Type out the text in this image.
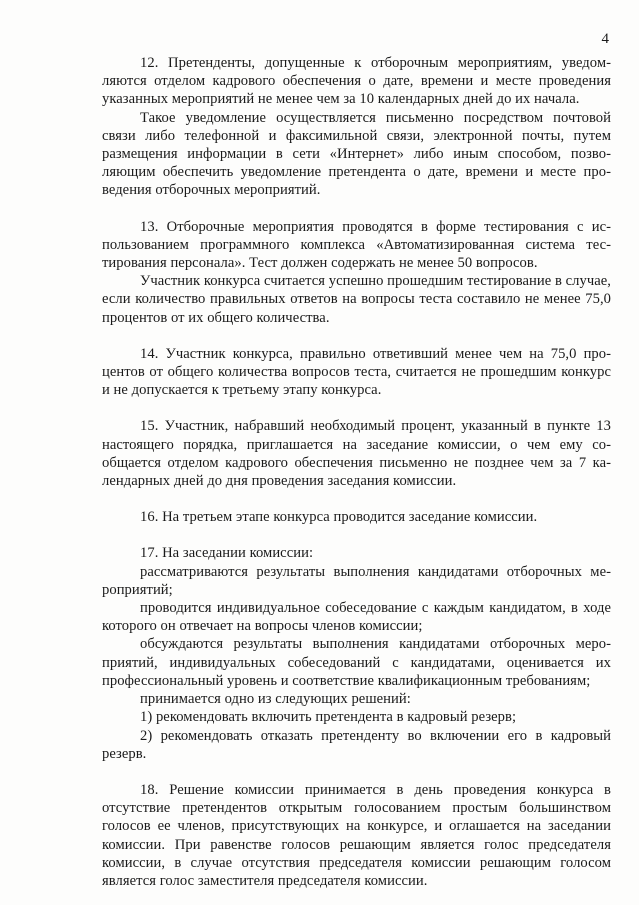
4

12. Претенденты, допущенные к отборочным мероприятиям, уведомляются отделом кадрового обеспечения о дате, времени и месте проведения указанных мероприятий не менее чем за 10 календарных дней до их начала.

Такое уведомление осуществляется письменно посредством почтовой связи либо телефонной и факсимильной связи, электронной почты, путем размещения информации в сети «Интернет» либо иным способом, позволяющим обеспечить уведомление претендента о дате, времени и месте проведения отборочных мероприятий.

13. Отборочные мероприятия проводятся в форме тестирования с использованием программного комплекса «Автоматизированная система тестирования персонала». Тест должен содержать не менее 50 вопросов.

Участник конкурса считается успешно прошедшим тестирование в случае, если количество правильных ответов на вопросы теста составило не менее 75,0 процентов от их общего количества.

14. Участник конкурса, правильно ответивший менее чем на 75,0 процентов от общего количества вопросов теста, считается не прошедшим конкурс и не допускается к третьему этапу конкурса.

15. Участник, набравший необходимый процент, указанный в пункте 13 настоящего порядка, приглашается на заседание комиссии, о чем ему сообщается отделом кадрового обеспечения письменно не позднее чем за 7 календарных дней до дня проведения заседания комиссии.

16. На третьем этапе конкурса проводится заседание комиссии.

17. На заседании комиссии:

рассматриваются результаты выполнения кандидатами отборочных мероприятий;

проводится индивидуальное собеседование с каждым кандидатом, в ходе которого он отвечает на вопросы членов комиссии;

обсуждаются результаты выполнения кандидатами отборочных мероприятий, индивидуальных собеседований с кандидатами, оценивается их профессиональный уровень и соответствие квалификационным требованиям;

принимается одно из следующих решений:

1) рекомендовать включить претендента в кадровый резерв;

2) рекомендовать отказать претенденту во включении его в кадровый резерв.

18. Решение комиссии принимается в день проведения конкурса в отсутствие претендентов открытым голосованием простым большинством голосов ее членов, присутствующих на конкурсе, и оглашается на заседании комиссии. При равенстве голосов решающим является голос председателя комиссии, в случае отсутствия председателя комиссии решающим голосом является голос заместителя председателя комиссии.
